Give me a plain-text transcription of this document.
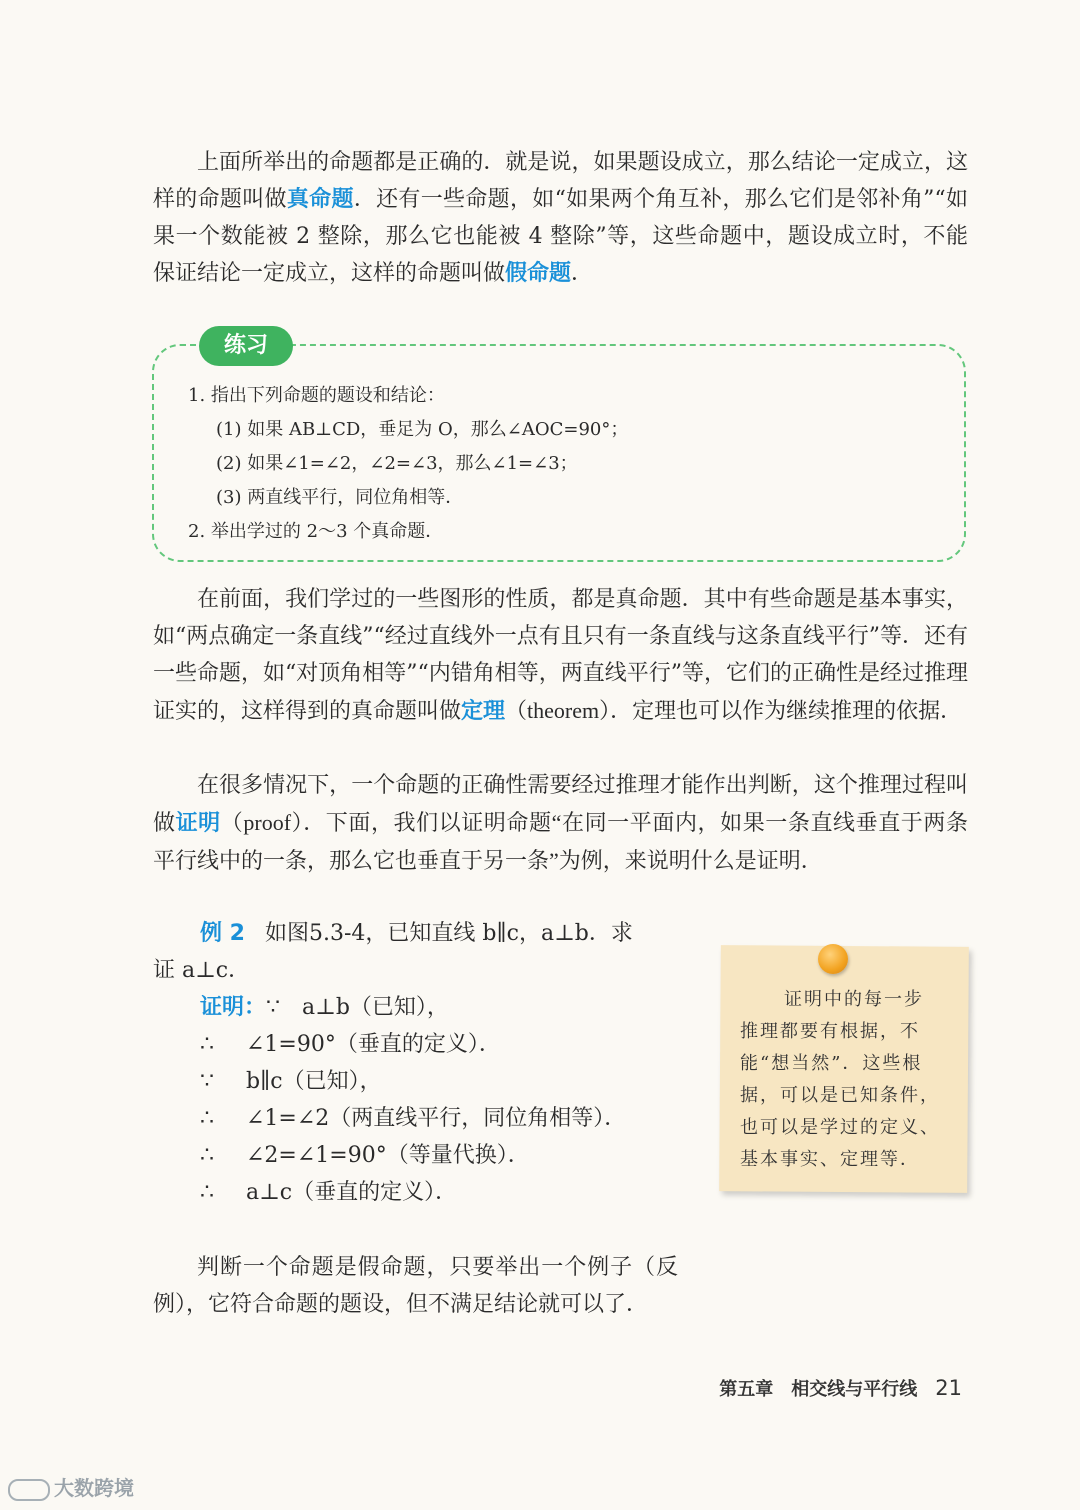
上面所举出的命题都是正确的．就是说，如果题设成立，那么结论一定成立，这样的命题叫做真命题．还有一些命题，如“如果两个角互补，那么它们是邻补角”“如果一个数能被 2 整除，那么它也能被 4 整除”等，这些命题中，题设成立时，不能保证结论一定成立，这样的命题叫做假命题．

练习
1. 指出下列命题的题设和结论：
(1) 如果 AB⊥CD，垂足为 O，那么∠AOC=90°；
(2) 如果∠1=∠2，∠2=∠3，那么∠1=∠3；
(3) 两直线平行，同位角相等．
2. 举出学过的 2～3 个真命题．

在前面，我们学过的一些图形的性质，都是真命题．其中有些命题是基本事实，如“两点确定一条直线”“经过直线外一点有且只有一条直线与这条直线平行”等．还有一些命题，如“对顶角相等”“内错角相等，两直线平行”等，它们的正确性是经过推理证实的，这样得到的真命题叫做定理（theorem）．定理也可以作为继续推理的依据．

在很多情况下，一个命题的正确性需要经过推理才能作出判断，这个推理过程叫做证明（proof）．下面，我们以证明命题“在同一平面内，如果一条直线垂直于两条平行线中的一条，那么它也垂直于另一条”为例，来说明什么是证明．

例 2 如图5.3-4，已知直线 b∥c，a⊥b．求
证 a⊥c．
证明：∵ a⊥b（已知），
∴ ∠1=90°（垂直的定义）．
∵ b∥c（已知），
∴ ∠1=∠2（两直线平行，同位角相等）．
∴ ∠2=∠1=90°（等量代换）．
∴ a⊥c（垂直的定义）．
证明中的每一步
推理都要有根据，不
能“想当然”．这些根
据，可以是已知条件，
也可以是学过的定义、
基本事实、定理等．

判断一个命题是假命题，只要举出一个例子（反例），它符合命题的题设，但不满足结论就可以了．

第五章　相交线与平行线 21
大数跨境
